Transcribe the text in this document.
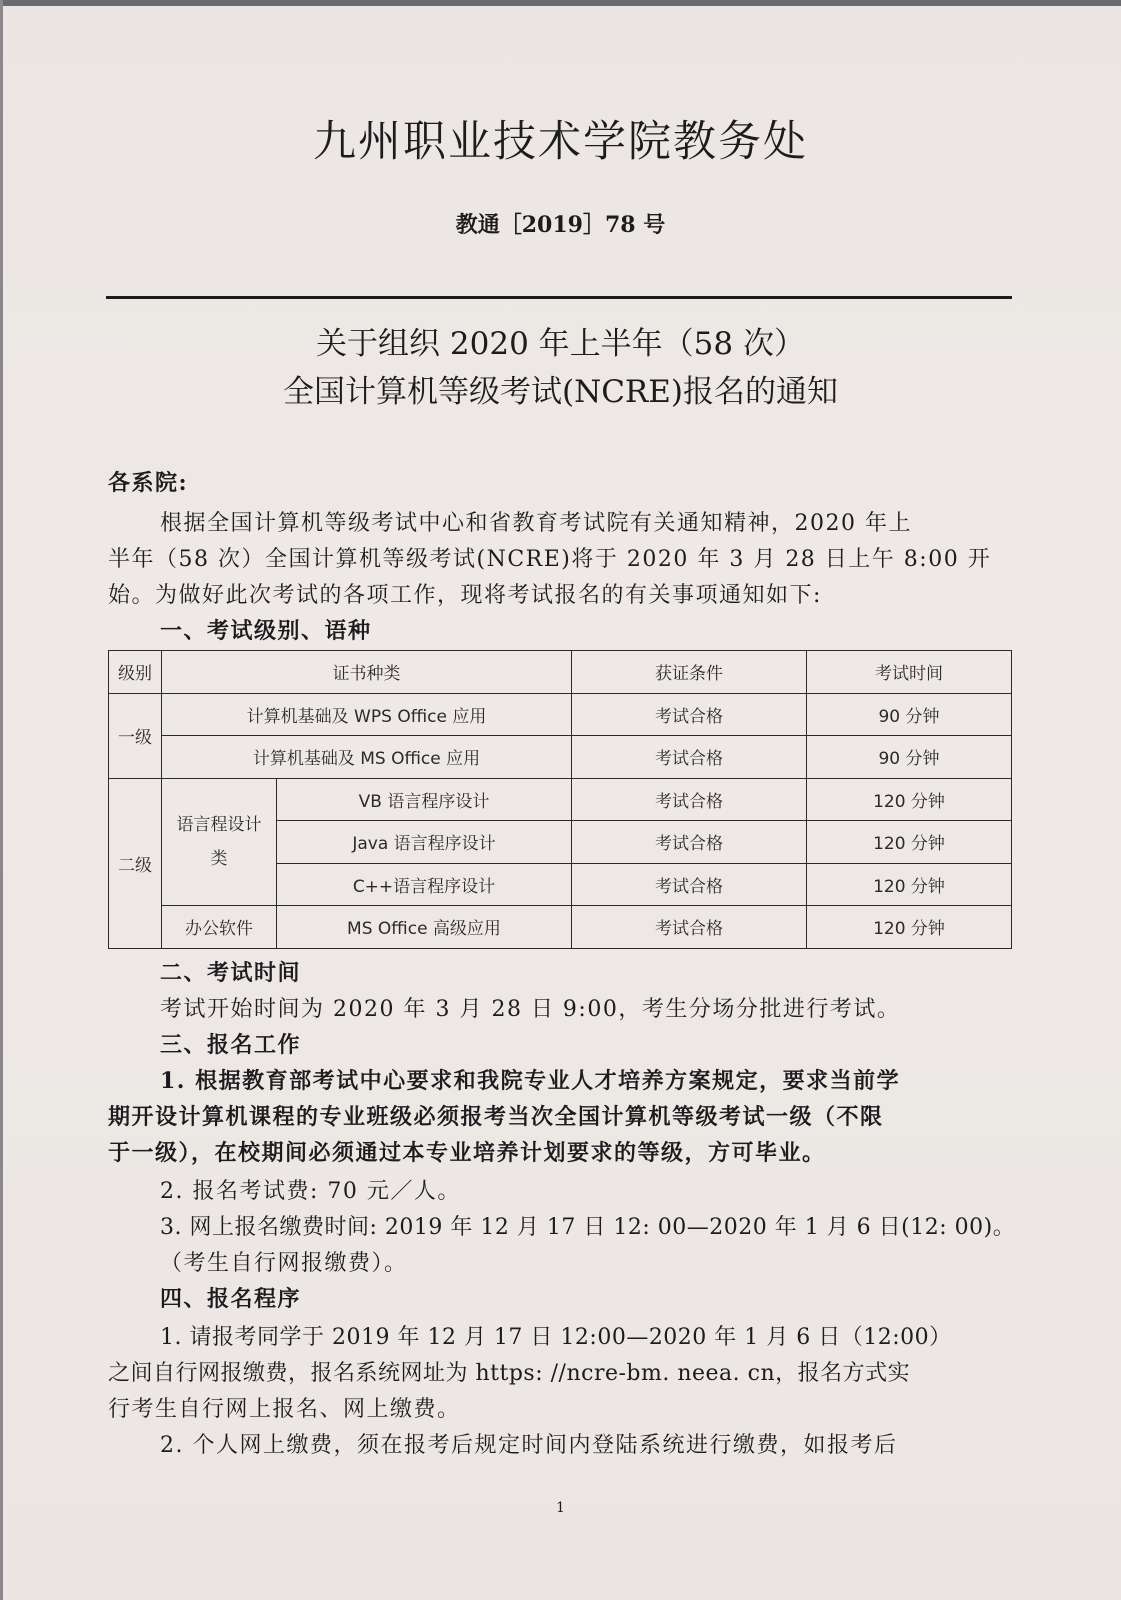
九州职业技术学院教务处
教通［2019］78 号
关于组织 2020 年上半年（58 次）
全国计算机等级考试(NCRE)报名的通知
各系院:
根据全国计算机等级考试中心和省教育考试院有关通知精神，2020 年上
半年（58 次）全国计算机等级考试(NCRE)将于 2020 年 3 月 28 日上午 8:00 开
始。为做好此次考试的各项工作，现将考试报名的有关事项通知如下:
一、考试级别、语种
级别	证书种类		获证条件	考试时间
一级	计算机基础及 WPS Office 应用		考试合格	90 分钟
	计算机基础及 MS Office 应用		考试合格	90 分钟
二级	语言程设计类	VB 语言程序设计	考试合格	120 分钟
		Java 语言程序设计	考试合格	120 分钟
		C++语言程序设计	考试合格	120 分钟
	办公软件	MS Office 高级应用	考试合格	120 分钟
二、考试时间
考试开始时间为 2020 年 3 月 28 日 9:00，考生分场分批进行考试。
三、报名工作
1. 根据教育部考试中心要求和我院专业人才培养方案规定，要求当前学
期开设计算机课程的专业班级必须报考当次全国计算机等级考试一级（不限
于一级），在校期间必须通过本专业培养计划要求的等级，方可毕业。
2. 报名考试费: 70 元／人。
3. 网上报名缴费时间: 2019 年 12 月 17 日 12: 00—2020 年 1 月 6 日(12: 00)。
（考生自行网报缴费）。
四、报名程序
1. 请报考同学于 2019 年 12 月 17 日 12:00—2020 年 1 月 6 日（12:00）
之间自行网报缴费，报名系统网址为 https: //ncre-bm. neea. cn，报名方式实
行考生自行网上报名、网上缴费。
2. 个人网上缴费，须在报考后规定时间内登陆系统进行缴费，如报考后
1
